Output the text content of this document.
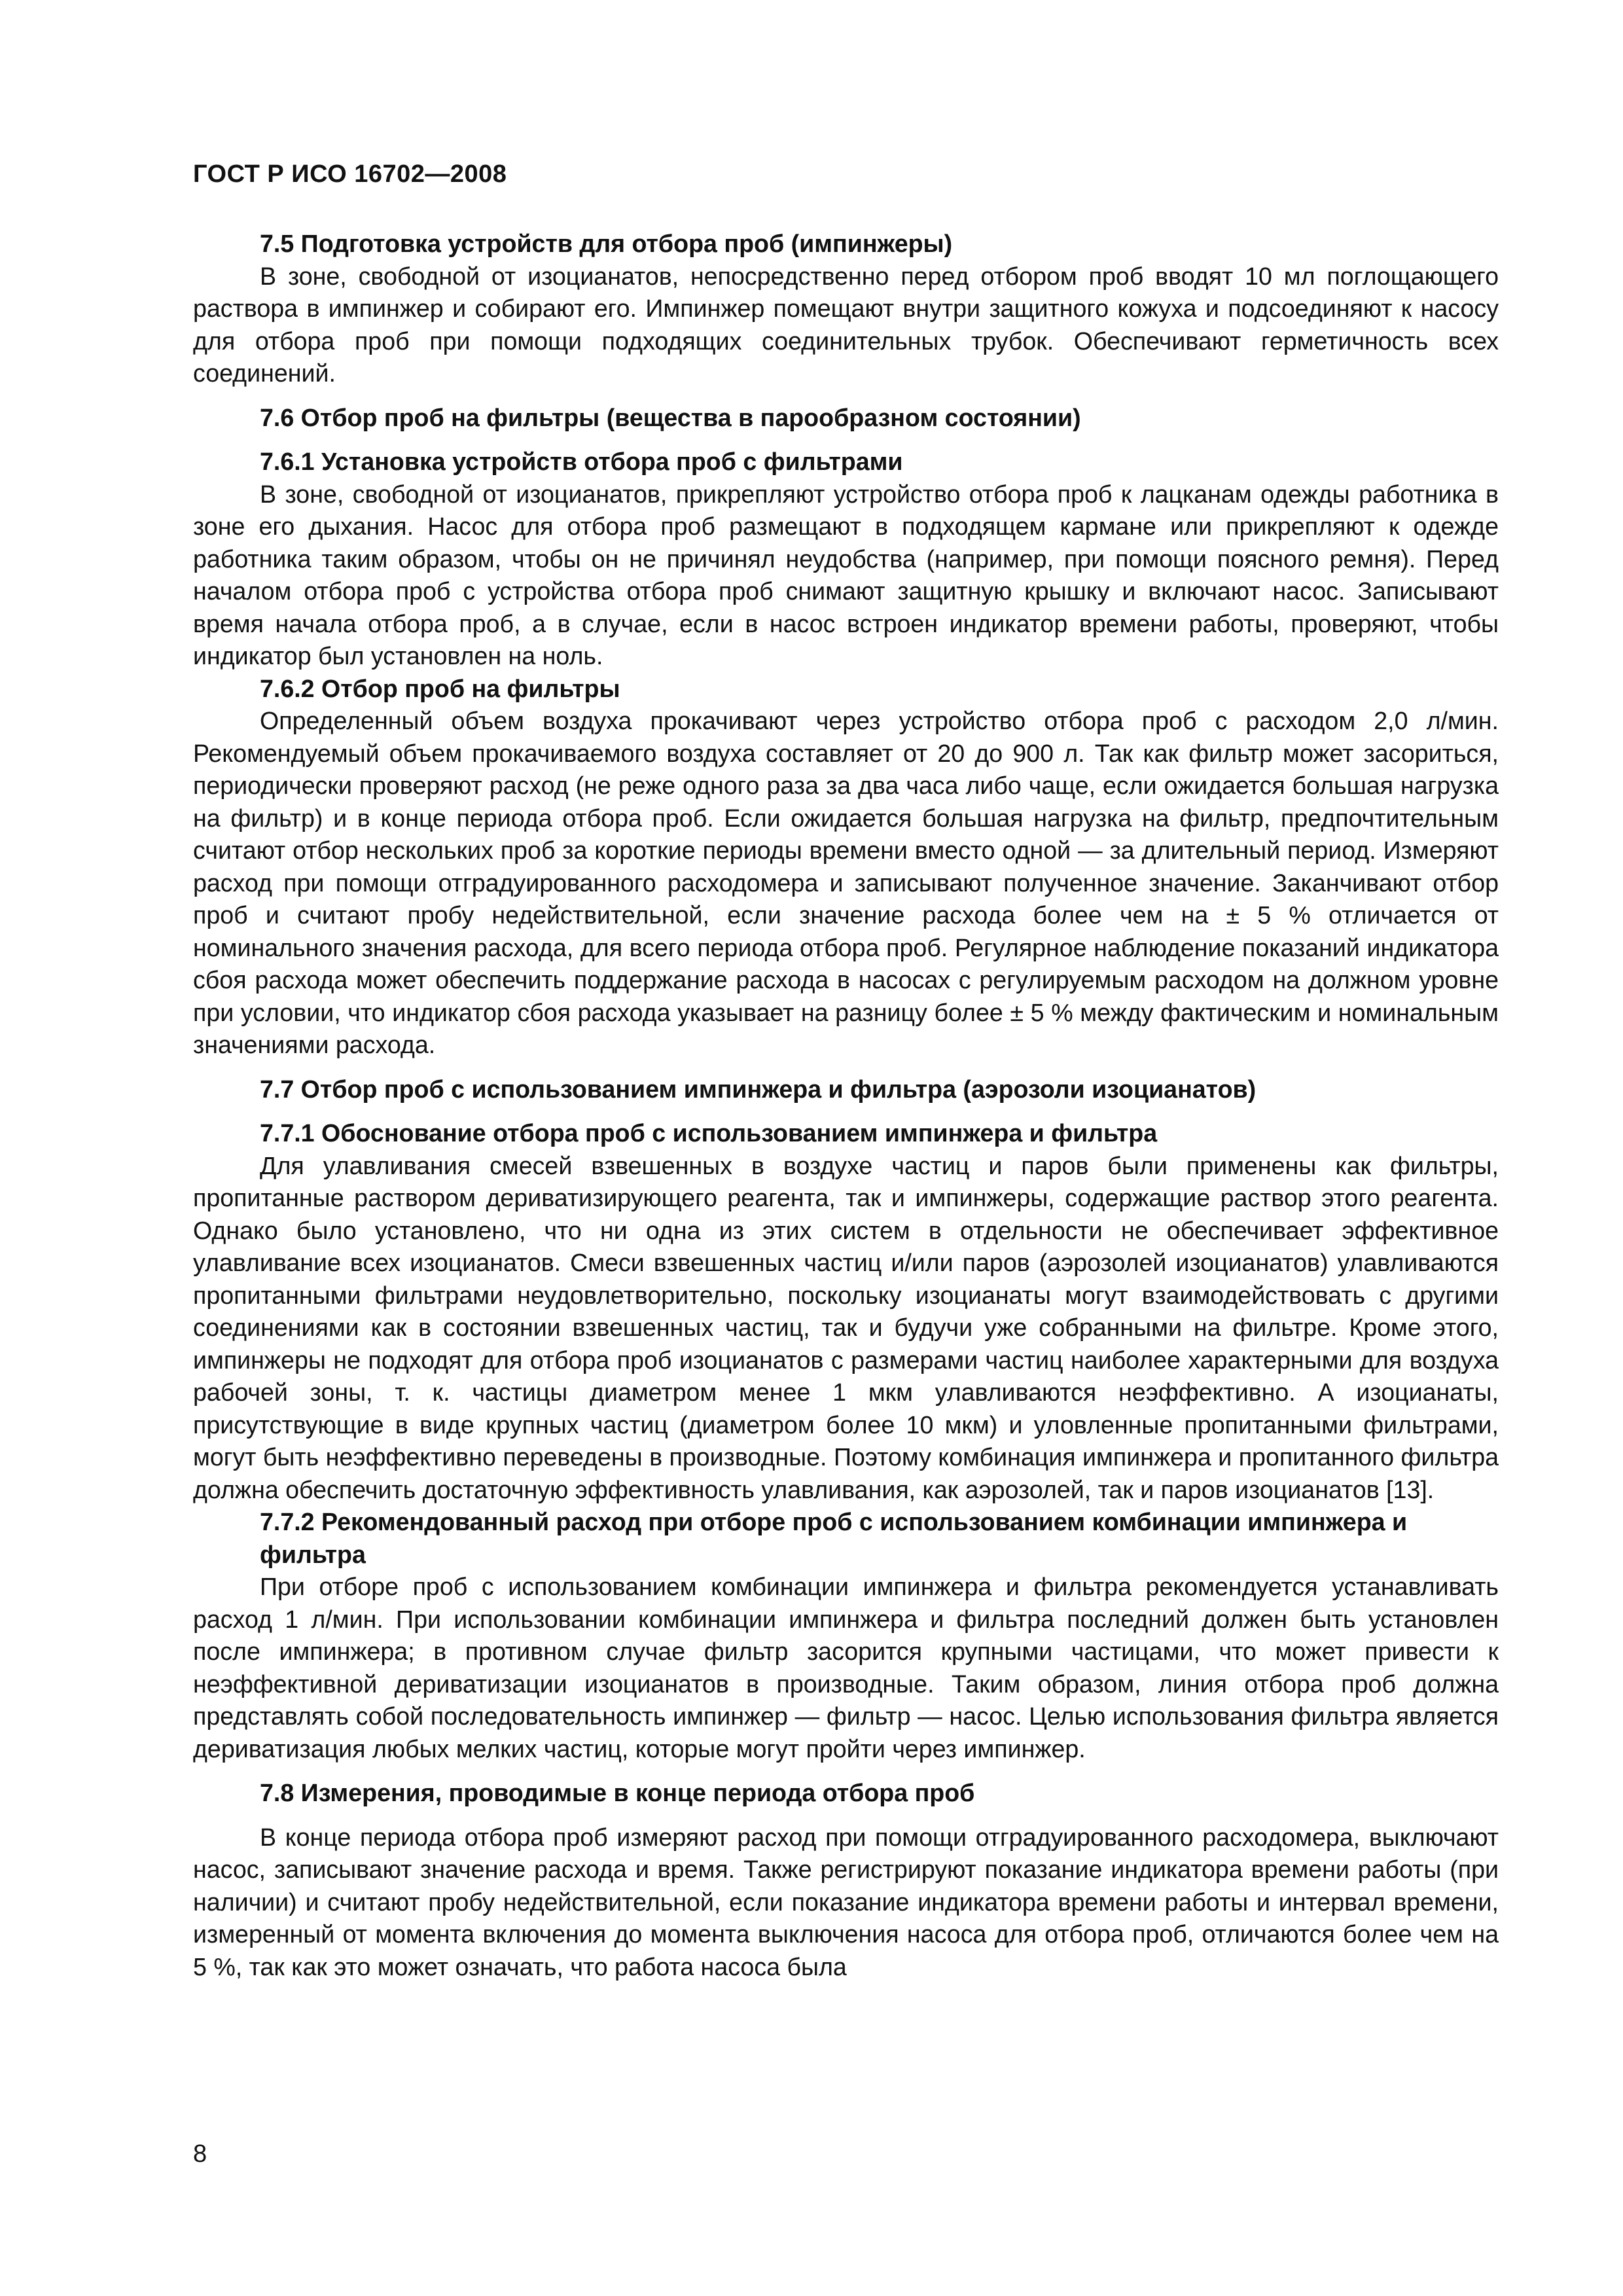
ГОСТ Р ИСО 16702—2008
7.5 Подготовка устройств для отбора проб (импинжеры)
В зоне, свободной от изоцианатов, непосредственно перед отбором проб вводят 10 мл поглощающего раствора в импинжер и собирают его. Импинжер помещают внутри защитного кожуха и подсоединяют к насосу для отбора проб при помощи подходящих соединительных трубок. Обеспечивают герметичность всех соединений.
7.6 Отбор проб на фильтры (вещества в парообразном состоянии)
7.6.1 Установка устройств отбора проб с фильтрами
В зоне, свободной от изоцианатов, прикрепляют устройство отбора проб к лацканам одежды работника в зоне его дыхания. Насос для отбора проб размещают в подходящем кармане или прикрепляют к одежде работника таким образом, чтобы он не причинял неудобства (например, при помощи поясного ремня). Перед началом отбора проб с устройства отбора проб снимают защитную крышку и включают насос. Записывают время начала отбора проб, а в случае, если в насос встроен индикатор времени работы, проверяют, чтобы индикатор был установлен на ноль.
7.6.2 Отбор проб на фильтры
Определенный объем воздуха прокачивают через устройство отбора проб с расходом 2,0 л/мин. Рекомендуемый объем прокачиваемого воздуха составляет от 20 до 900 л. Так как фильтр может засориться, периодически проверяют расход (не реже одного раза за два часа либо чаще, если ожидается большая нагрузка на фильтр) и в конце периода отбора проб. Если ожидается большая нагрузка на фильтр, предпочтительным считают отбор нескольких проб за короткие периоды времени вместо одной — за длительный период. Измеряют расход при помощи отградуированного расходомера и записывают полученное значение. Заканчивают отбор проб и считают пробу недействительной, если значение расхода более чем на ± 5 % отличается от номинального значения расхода, для всего периода отбора проб. Регулярное наблюдение показаний индикатора сбоя расхода может обеспечить поддержание расхода в насосах с регулируемым расходом на должном уровне при условии, что индикатор сбоя расхода указывает на разницу более ± 5 % между фактическим и номинальным значениями расхода.
7.7 Отбор проб с использованием импинжера и фильтра (аэрозоли изоцианатов)
7.7.1 Обоснование отбора проб с использованием импинжера и фильтра
Для улавливания смесей взвешенных в воздухе частиц и паров были применены как фильтры, пропитанные раствором дериватизирующего реагента, так и импинжеры, содержащие раствор этого реагента. Однако было установлено, что ни одна из этих систем в отдельности не обеспечивает эффективное улавливание всех изоцианатов. Смеси взвешенных частиц и/или паров (аэрозолей изоцианатов) улавливаются пропитанными фильтрами неудовлетворительно, поскольку изоцианаты могут взаимодействовать с другими соединениями как в состоянии взвешенных частиц, так и будучи уже собранными на фильтре. Кроме этого, импинжеры не подходят для отбора проб изоцианатов с размерами частиц наиболее характерными для воздуха рабочей зоны, т. к. частицы диаметром менее 1 мкм улавливаются неэффективно. А изоцианаты, присутствующие в виде крупных частиц (диаметром более 10 мкм) и уловленные пропитанными фильтрами, могут быть неэффективно переведены в производные. Поэтому комбинация импинжера и пропитанного фильтра должна обеспечить достаточную эффективность улавливания, как аэрозолей, так и паров изоцианатов [13].
7.7.2 Рекомендованный расход при отборе проб с использованием комбинации импинжера и фильтра
При отборе проб с использованием комбинации импинжера и фильтра рекомендуется устанавливать расход 1 л/мин. При использовании комбинации импинжера и фильтра последний должен быть установлен после импинжера; в противном случае фильтр засорится крупными частицами, что может привести к неэффективной дериватизации изоцианатов в производные. Таким образом, линия отбора проб должна представлять собой последовательность импинжер — фильтр — насос. Целью использования фильтра является дериватизация любых мелких частиц, которые могут пройти через импинжер.
7.8 Измерения, проводимые в конце периода отбора проб
В конце периода отбора проб измеряют расход при помощи отградуированного расходомера, выключают насос, записывают значение расхода и время. Также регистрируют показание индикатора времени работы (при наличии) и считают пробу недействительной, если показание индикатора времени работы и интервал времени, измеренный от момента включения до момента выключения насоса для отбора проб, отличаются более чем на 5 %, так как это может означать, что работа насоса была
8
